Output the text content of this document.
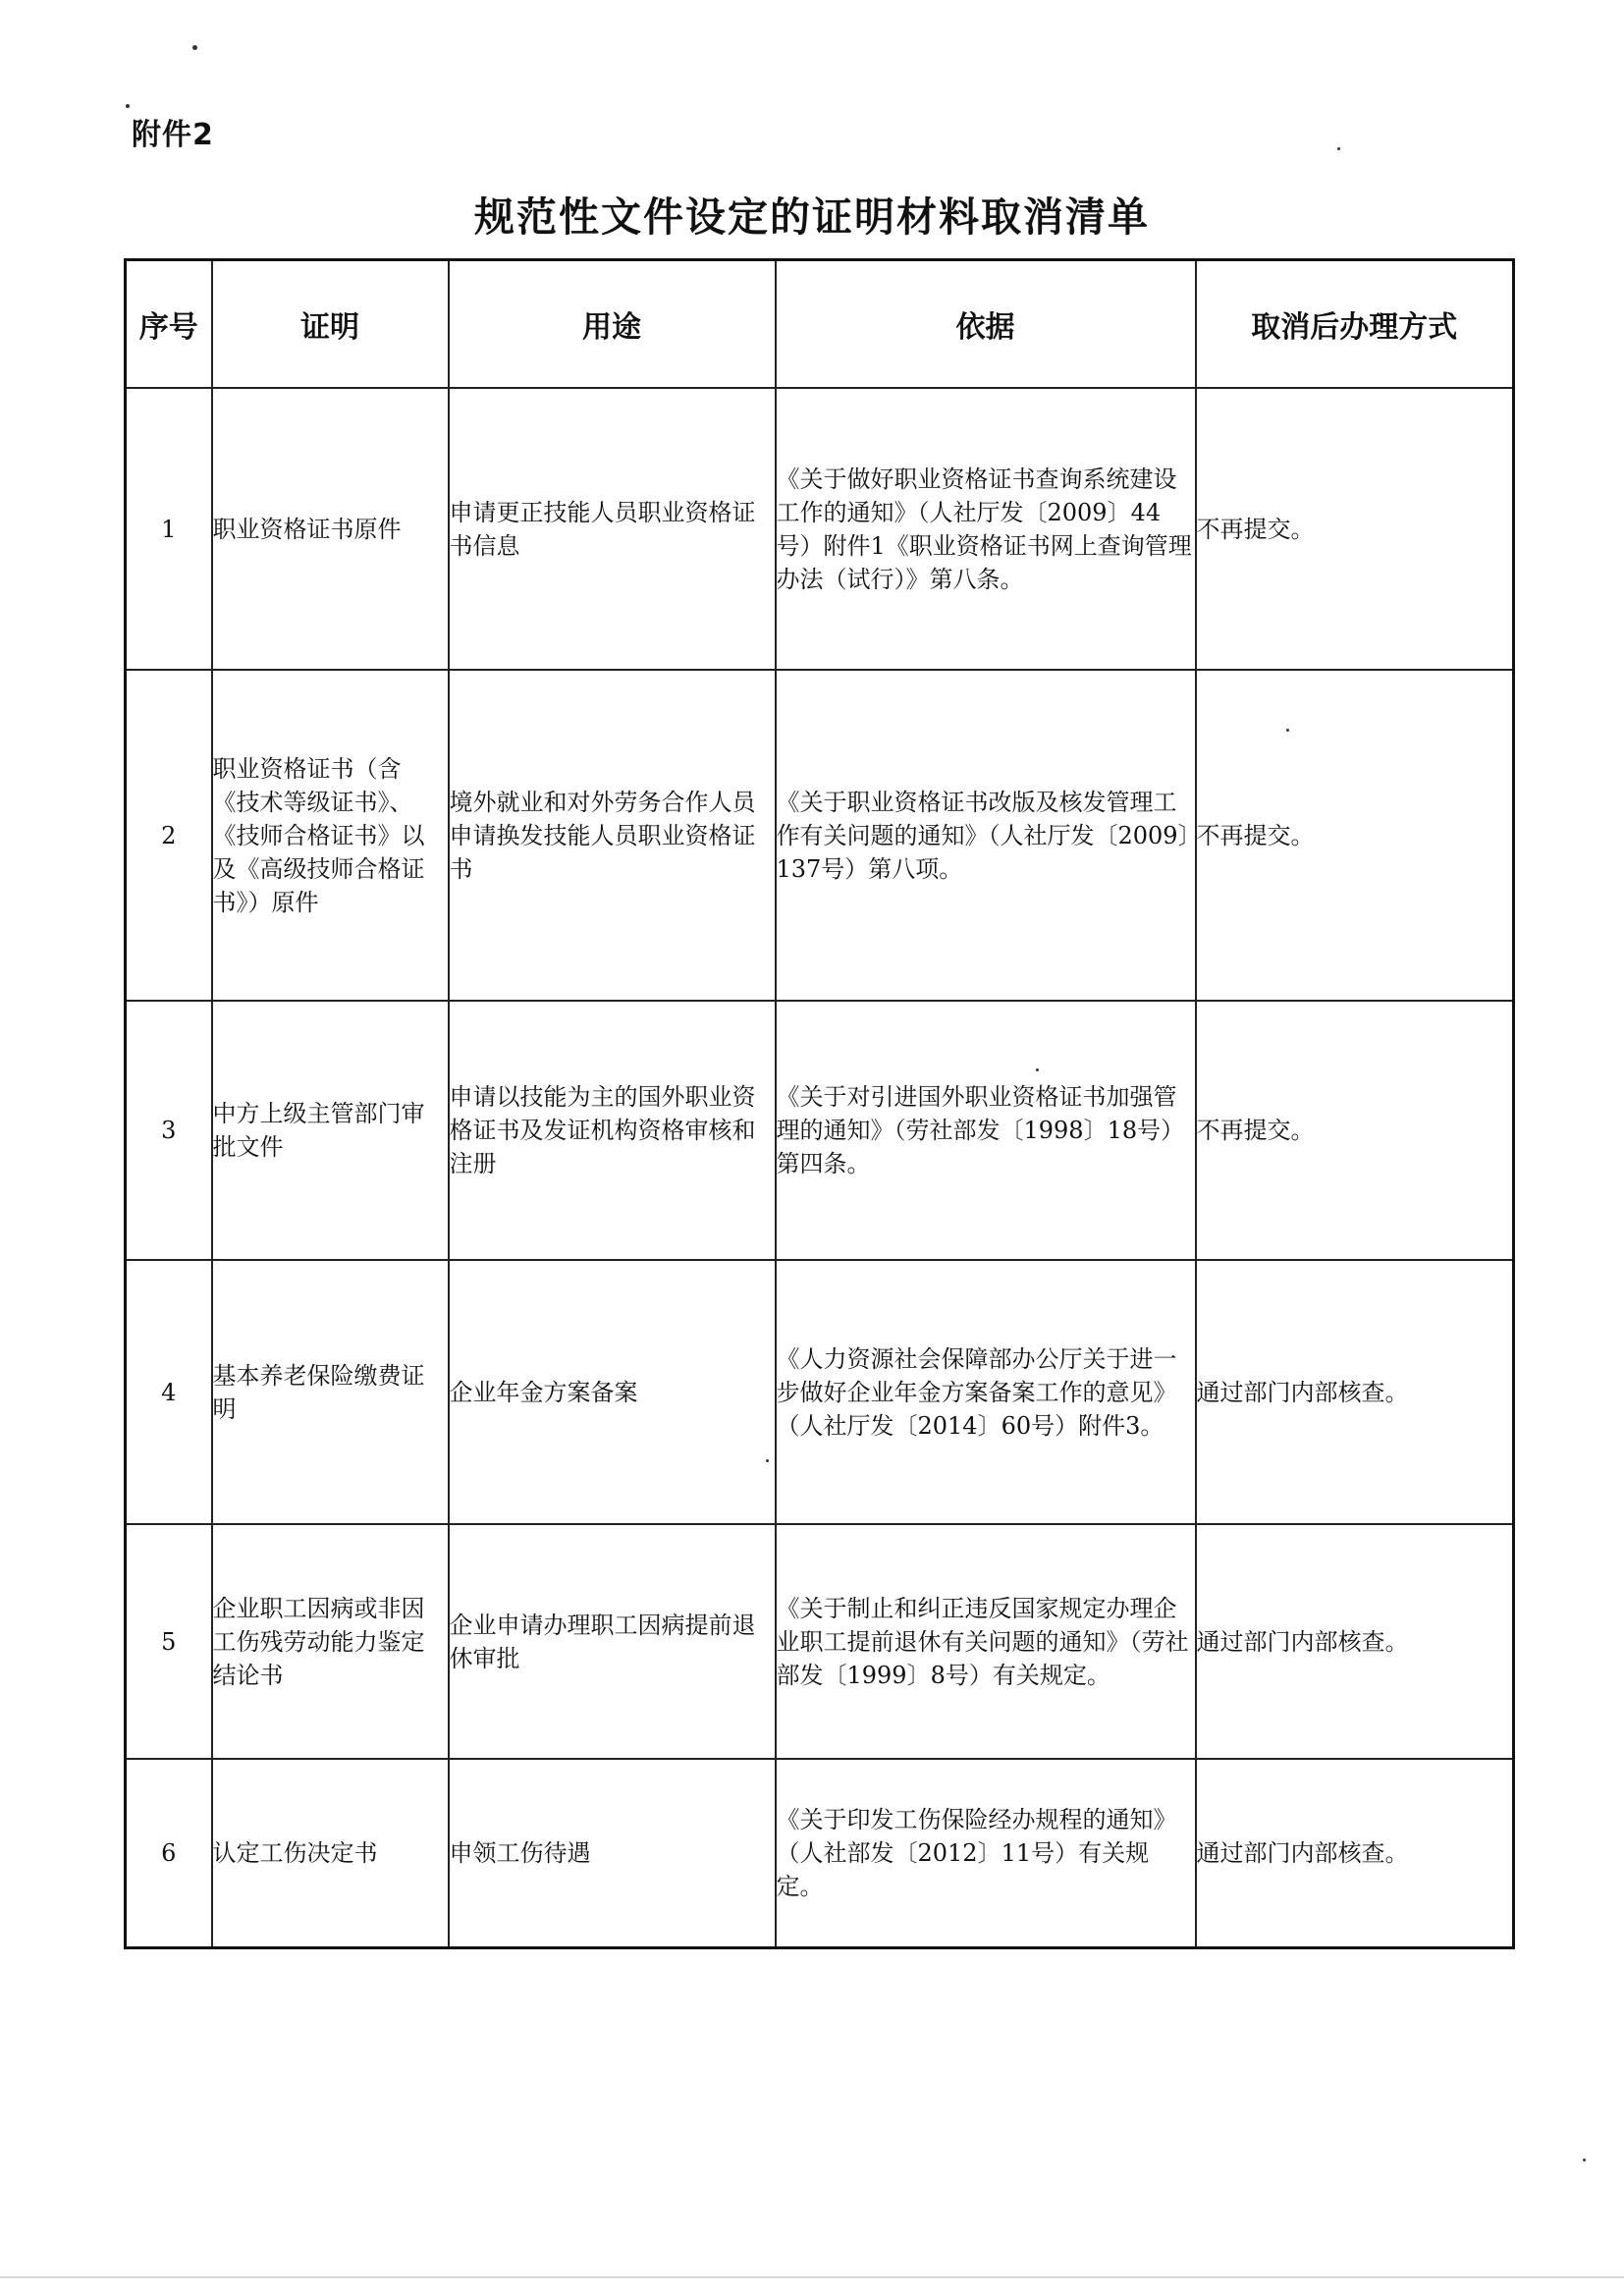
附件2
规范性文件设定的证明材料取消清单
序号	证明	用途	依据	取消后办理方式
1	职业资格证书原件	申请更正技能人员职业资格证书信息	《关于做好职业资格证书查询系统建设工作的通知》（人社厅发〔2009〕44号）附件1《职业资格证书网上查询管理办法（试行）》第八条。	不再提交。
2	职业资格证书（含《技术等级证书》、《技师合格证书》以及《高级技师合格证书》）原件	境外就业和对外劳务合作人员申请换发技能人员职业资格证书	《关于职业资格证书改版及核发管理工作有关问题的通知》（人社厅发〔2009〕137号）第八项。	不再提交。
3	中方上级主管部门审批文件	申请以技能为主的国外职业资格证书及发证机构资格审核和注册	《关于对引进国外职业资格证书加强管理的通知》（劳社部发〔1998〕18号）第四条。	不再提交。
4	基本养老保险缴费证明	企业年金方案备案	《人力资源社会保障部办公厅关于进一步做好企业年金方案备案工作的意见》（人社厅发〔2014〕60号）附件3。	通过部门内部核查。
5	企业职工因病或非因工伤残劳动能力鉴定结论书	企业申请办理职工因病提前退休审批	《关于制止和纠正违反国家规定办理企业职工提前退休有关问题的通知》（劳社部发〔1999〕8号）有关规定。	通过部门内部核查。
6	认定工伤决定书	申领工伤待遇	《关于印发工伤保险经办规程的通知》（人社部发〔2012〕11号）有关规定。	通过部门内部核查。
